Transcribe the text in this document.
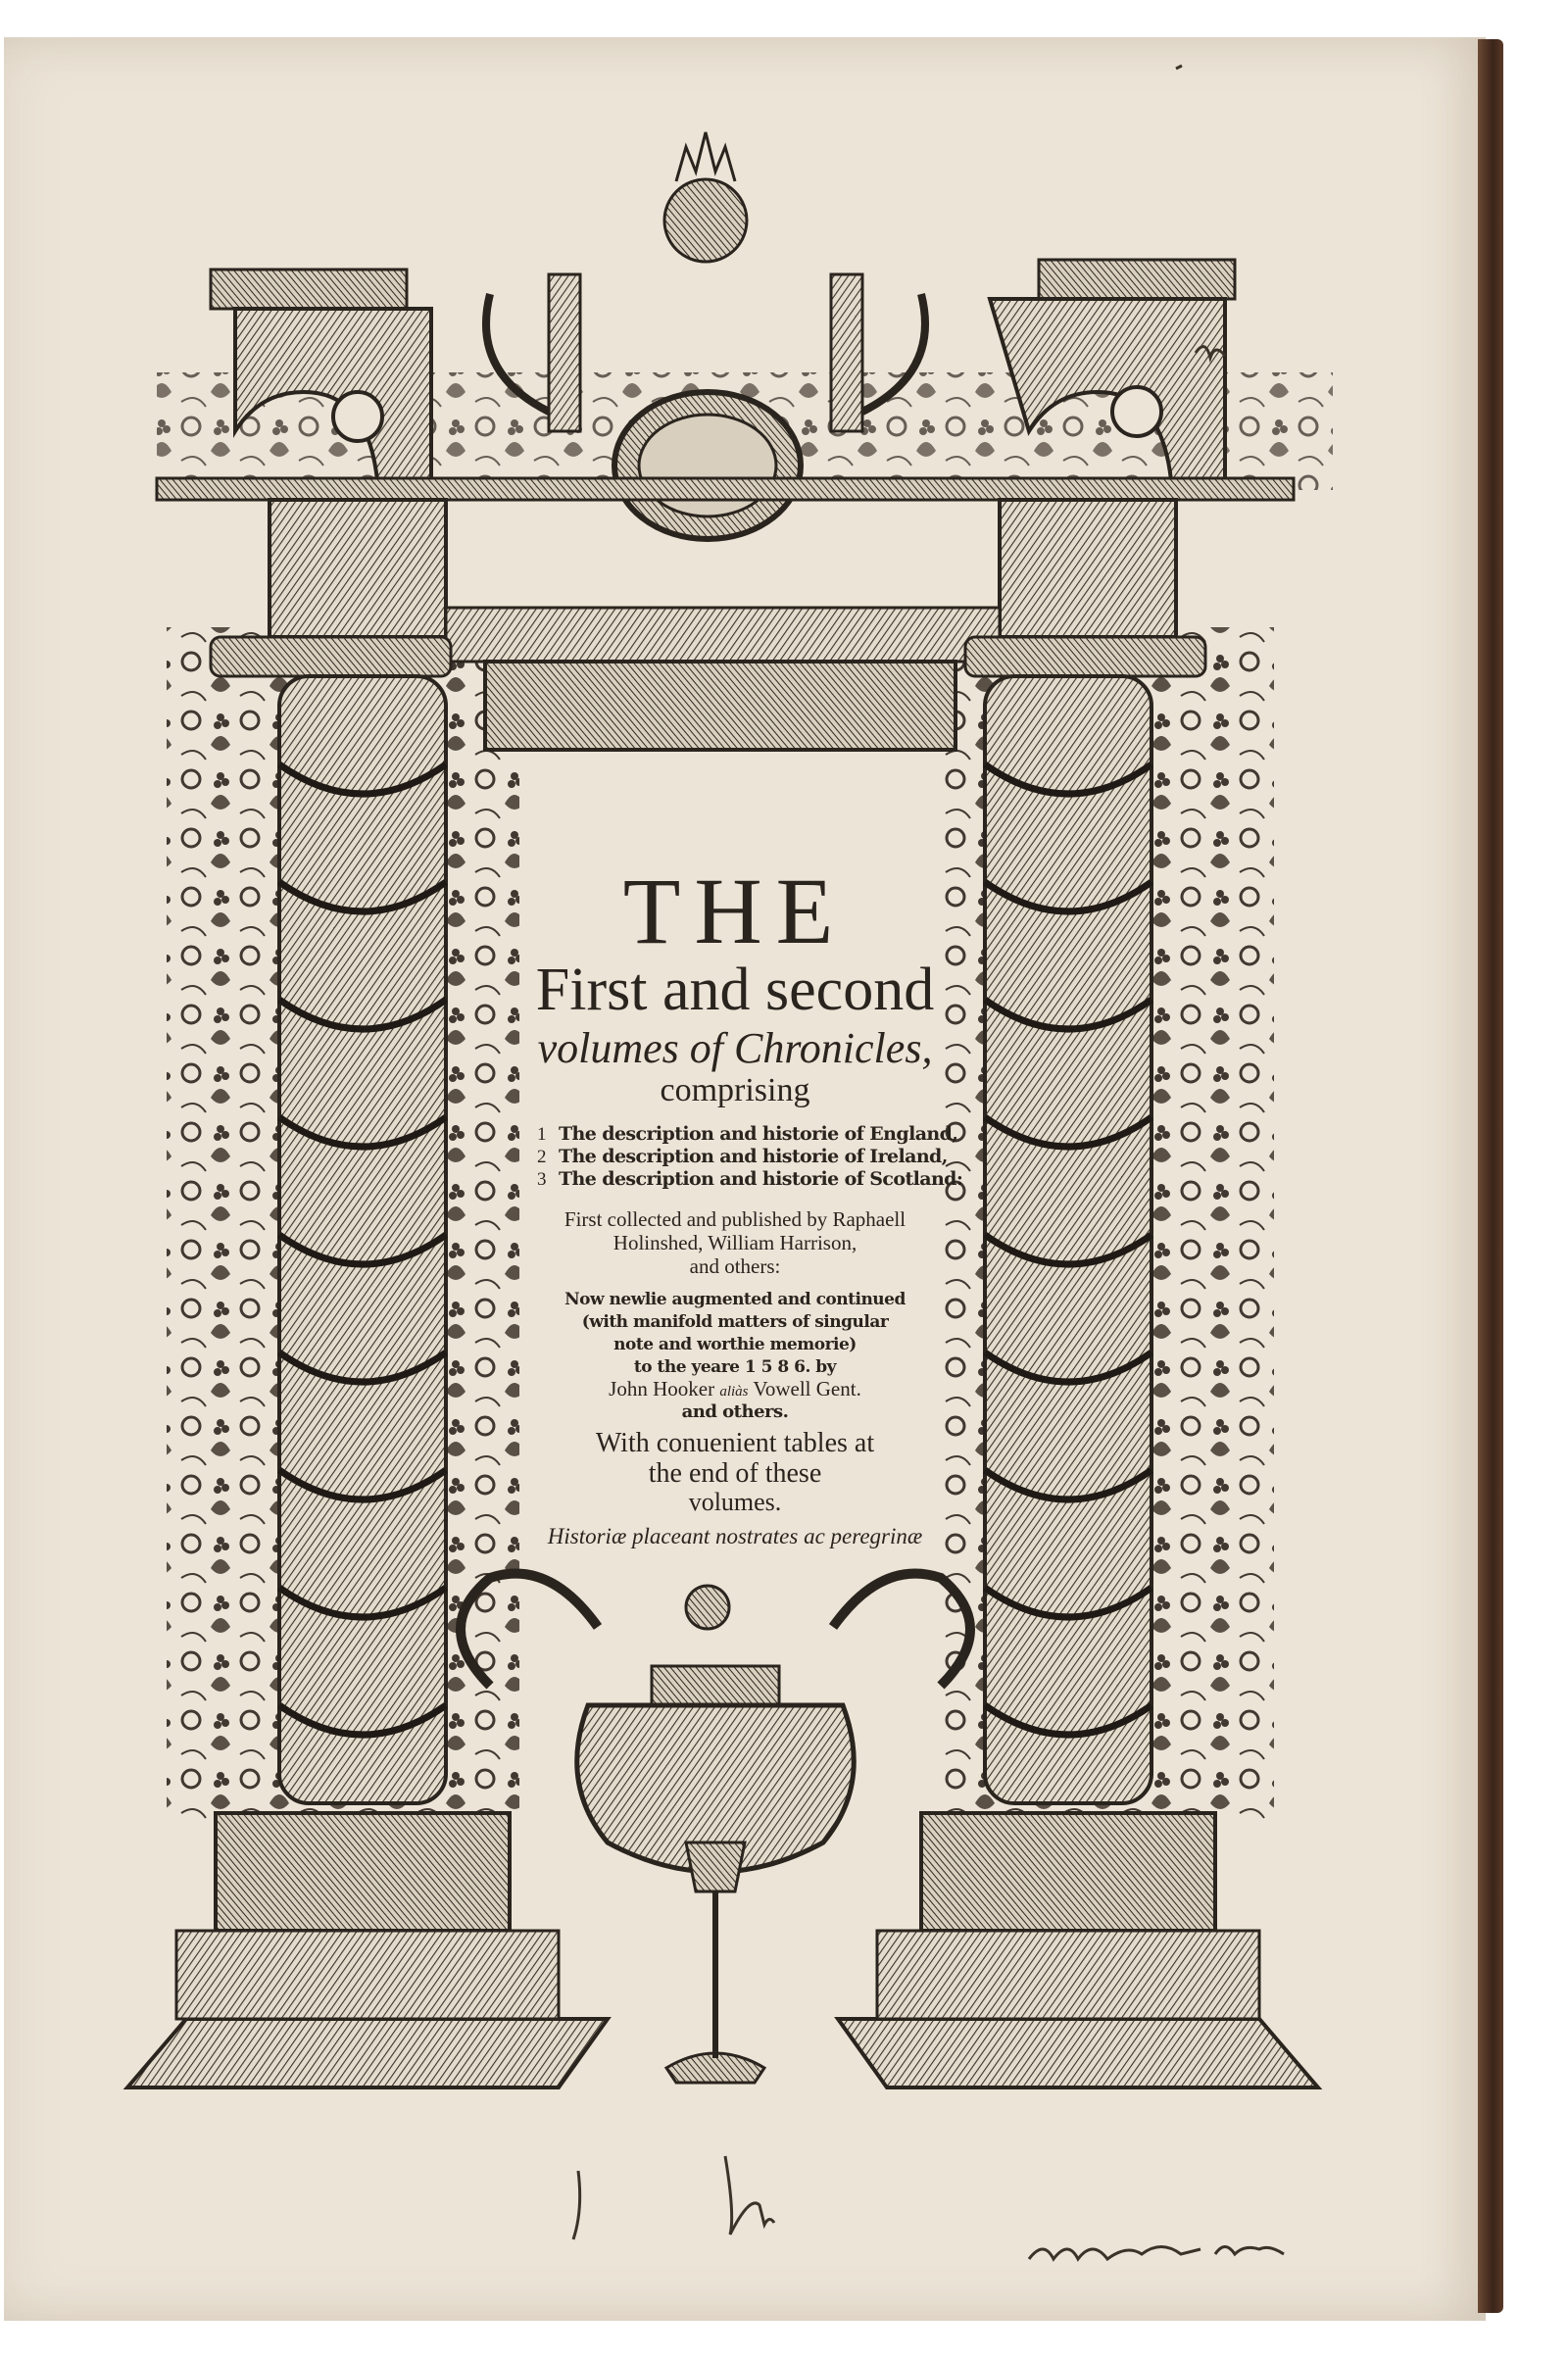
THE
First and second
volumes of Chronicles,
comprising
1 The description and historie of England,
2 The description and historie of Ireland,
3 The description and historie of Scotland:
First collected and published by Raphaell
Holinshed, William Harrison,
and others:
Now newlie augmented and continued
(with manifold matters of singular
note and worthie memorie)
to the yeare 1 5 8 6. by
John Hooker aliàs Vowell Gent.
and others.
With conuenient tables at
the end of these
volumes.
Historiæ placeant nostrates ac peregrinæ
